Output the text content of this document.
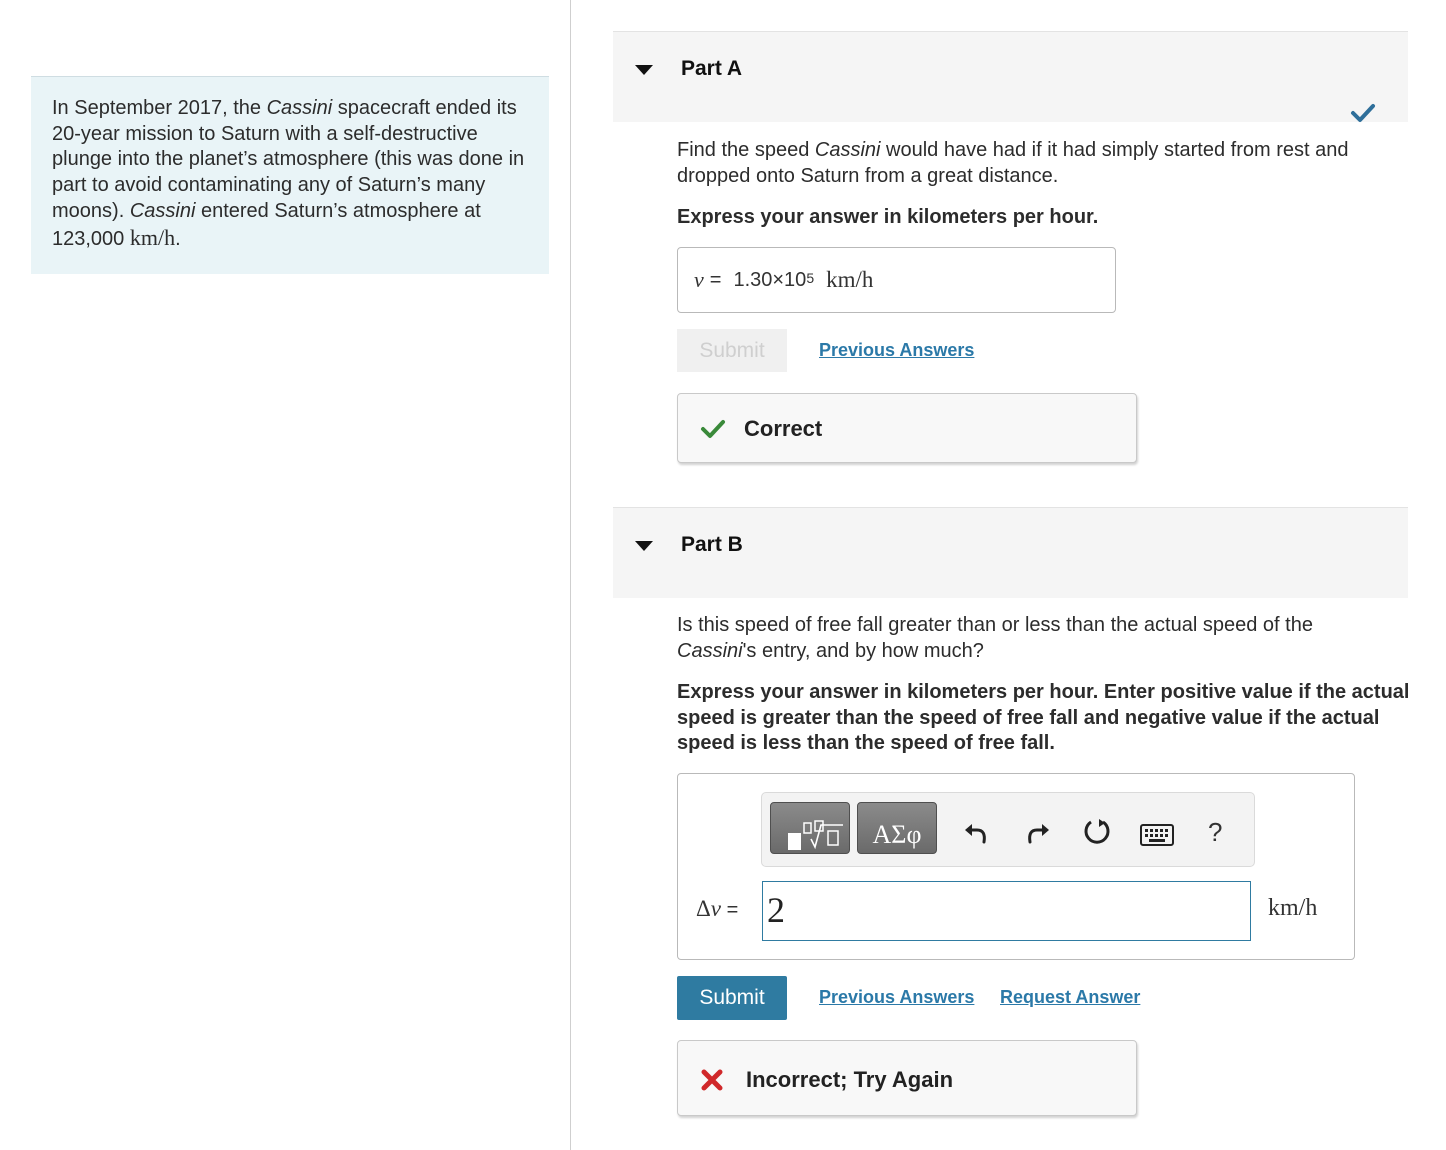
In September 2017, the Cassini spacecraft ended its 20-year mission to Saturn with a self-destructive plunge into the planet’s atmosphere (this was done in part to avoid contaminating any of Saturn’s many moons). Cassini entered Saturn’s atmosphere at 123,000 km/h.
Part A
Find the speed Cassini would have had if it had simply started from rest and dropped onto Saturn from a great distance.
Express your answer in kilometers per hour.
$v = 1.30\times 10^5$ km/h
Submit	Previous Answers
Correct
Part B
Is this speed of free fall greater than or less than the actual speed of the Cassini's entry, and by how much?
Express your answer in kilometers per hour. Enter positive value if the actual speed is greater than the speed of free fall and negative value if the actual speed is less than the speed of free fall.
ΑΣφ	?
Δv = 2	km/h
Submit	Previous Answers Request Answer
Incorrect; Try Again
